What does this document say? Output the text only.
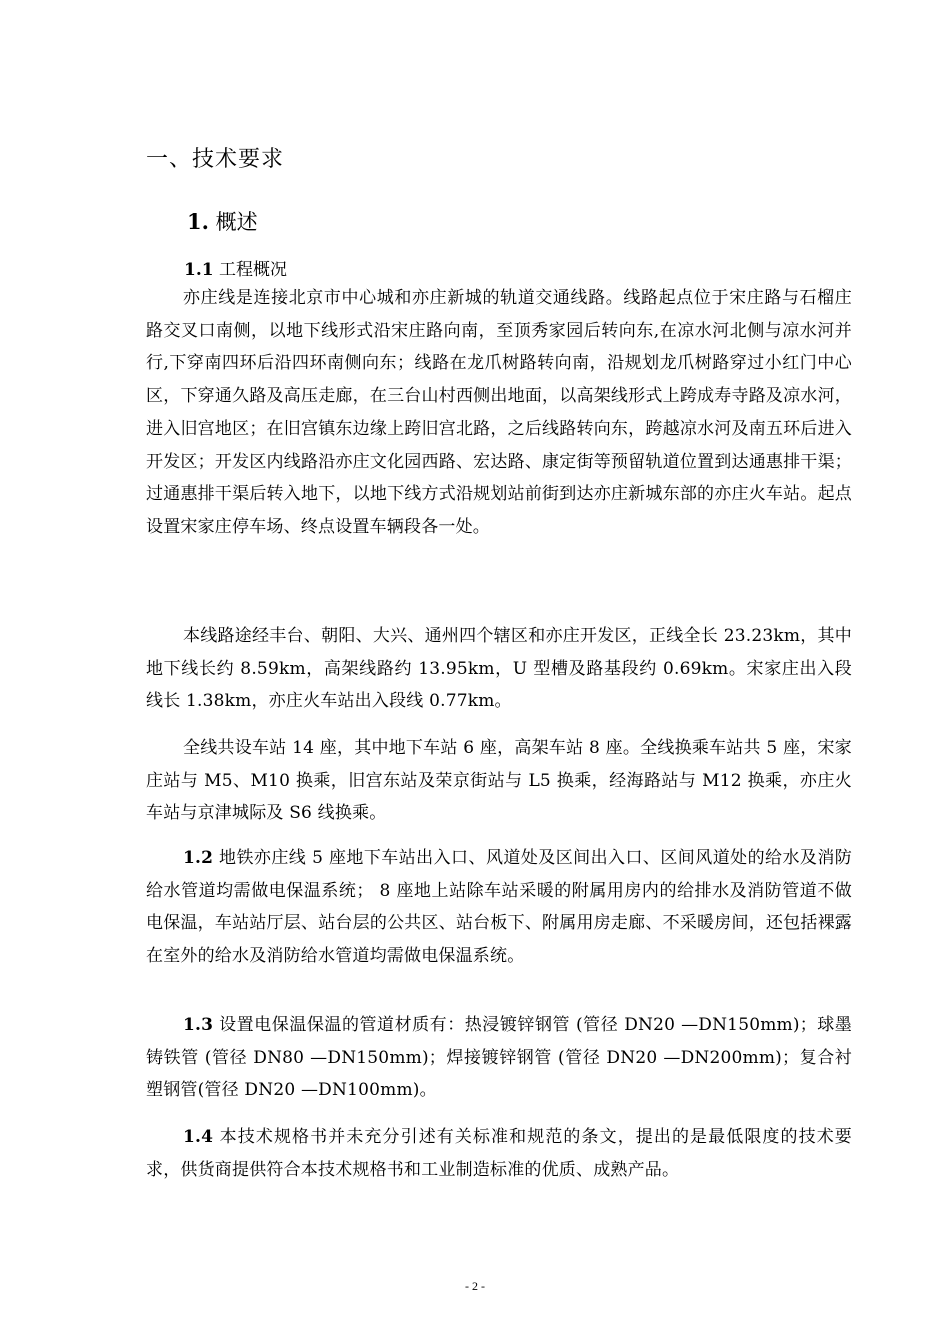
一、技术要求
1. 概述
1.1 工程概况

亦庄线是连接北京市中心城和亦庄新城的轨道交通线路。线路起点位于宋庄路与石榴庄路交叉口南侧，以地下线形式沿宋庄路向南，至顶秀家园后转向东,在凉水河北侧与凉水河并行,下穿南四环后沿四环南侧向东；线路在龙爪树路转向南，沿规划龙爪树路穿过小红门中心区，下穿通久路及高压走廊，在三台山村西侧出地面，以高架线形式上跨成寿寺路及凉水河，进入旧宫地区；在旧宫镇东边缘上跨旧宫北路，之后线路转向东，跨越凉水河及南五环后进入开发区；开发区内线路沿亦庄文化园西路、宏达路、康定街等预留轨道位置到达通惠排干渠；过通惠排干渠后转入地下，以地下线方式沿规划站前街到达亦庄新城东部的亦庄火车站。起点设置宋家庄停车场、终点设置车辆段各一处。

本线路途经丰台、朝阳、大兴、通州四个辖区和亦庄开发区，正线全长 23.23km，其中地下线长约 8.59km，高架线路约 13.95km，U 型槽及路基段约 0.69km。宋家庄出入段线长 1.38km，亦庄火车站出入段线 0.77km。

全线共设车站 14 座，其中地下车站 6 座，高架车站 8 座。全线换乘车站共 5 座，宋家庄站与 M5、M10 换乘，旧宫东站及荣京街站与 L5 换乘，经海路站与 M12 换乘，亦庄火车站与京津城际及 S6 线换乘。

1.2 地铁亦庄线 5 座地下车站出入口、风道处及区间出入口、区间风道处的给水及消防给水管道均需做电保温系统； 8 座地上站除车站采暖的附属用房内的给排水及消防管道不做电保温，车站站厅层、站台层的公共区、站台板下、附属用房走廊、不采暖房间，还包括裸露在室外的给水及消防给水管道均需做电保温系统。

1.3 设置电保温保温的管道材质有：热浸镀锌钢管 (管径 DN20 —DN150mm)；球墨铸铁管 (管径 DN80 —DN150mm)；焊接镀锌钢管 (管径 DN20 —DN200mm)；复合衬塑钢管(管径 DN20 —DN100mm)。

1.4 本技术规格书并未充分引述有关标准和规范的条文，提出的是最低限度的技术要求，供货商提供符合本技术规格书和工业制造标准的优质、成熟产品。

- 2 -
